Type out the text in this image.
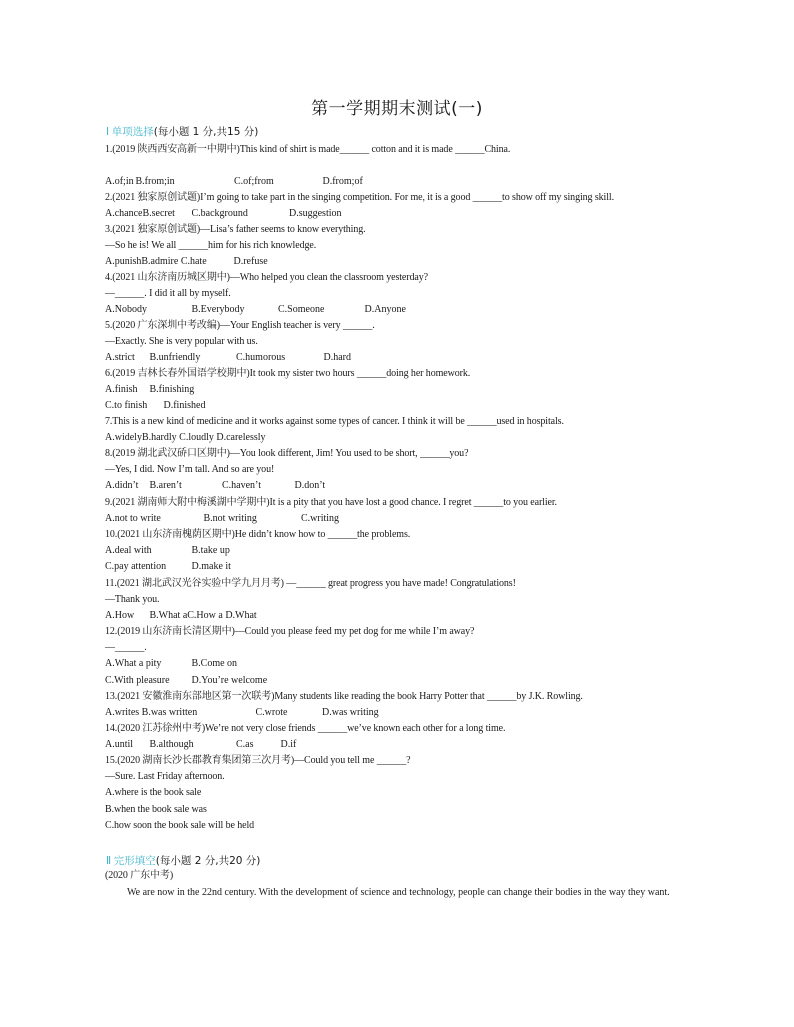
第一学期期末测试(一)
Ⅰ 单项选择(每小题 1 分,共15 分)
1.(2019 陕西西安高新一中期中)This kind of shirt is made______ cotton and it is made ______China.
A.of;in B.from;in	C.of;from	D.from;of
2.(2021 独家原创试题)I’m going to take part in the singing competition. For me, it is a good ______to show off my singing skill.
A.chanceB.secret C.background	D.suggestion
3.(2021 独家原创试题)—Lisa’s father seems to know everything.
—So he is! We all ______him for his rich knowledge.
A.punishB.admire C.hate	D.refuse
4.(2021 山东济南历城区期中)—Who helped you clean the classroom yesterday?
—______. I did it all by myself.
A.Nobody	B.Everybody	C.Someone	D.Anyone
5.(2020 广东深圳中考改编)—Your English teacher is very ______.
—Exactly. She is very popular with us.
A.strict B.unfriendly	C.humorous	D.hard
6.(2019 吉林长春外国语学校期中)It took my sister two hours ______doing her homework.
A.finish B.finishing
C.to finish D.finished
7.This is a new kind of medicine and it works against some types of cancer. I think it will be ______used in hospitals.
A.widelyB.hardly C.loudly D.carelessly
8.(2019 湖北武汉硚口区期中)—You look different, Jim! You used to be short, ______you?
—Yes, I did. Now I’m tall. And so are you!
A.didn’t B.aren’t	C.haven’t	D.don’t
9.(2021 湖南师大附中梅溪湖中学期中)It is a pity that you have lost a good chance. I regret ______to you earlier.
A.not to write	B.not writing	C.writing
10.(2021 山东济南槐荫区期中)He didn’t know how to ______the problems.
A.deal with	B.take up
C.pay attention	D.make it
11.(2021 湖北武汉光谷实验中学九月月考) —______ great progress you have made! Congratulations!
—Thank you.
A.How B.What aC.How a D.What
12.(2019 山东济南长清区期中)—Could you please feed my pet dog for me while I’m away?
—______.
A.What a pity	B.Come on
C.With pleasure D.You’re welcome
13.(2021 安徽淮南东部地区第一次联考)Many students like reading the book Harry Potter that ______by J.K. Rowling.
A.writes B.was written	C.wrote	D.was writing
14.(2020 江苏徐州中考)We’re not very close friends ______we’ve known each other for a long time.
A.until B.although	C.as	D.if
15.(2020 湖南长沙长郡教育集团第三次月考)—Could you tell me ______?
—Sure. Last Friday afternoon.
A.where is the book sale
B.when the book sale was
C.how soon the book sale will be held
Ⅱ 完形填空(每小题 2 分,共20 分)
(2020 广东中考)
We are now in the 22nd century. With the development of science and technology, people can change their bodies in the way they want.
